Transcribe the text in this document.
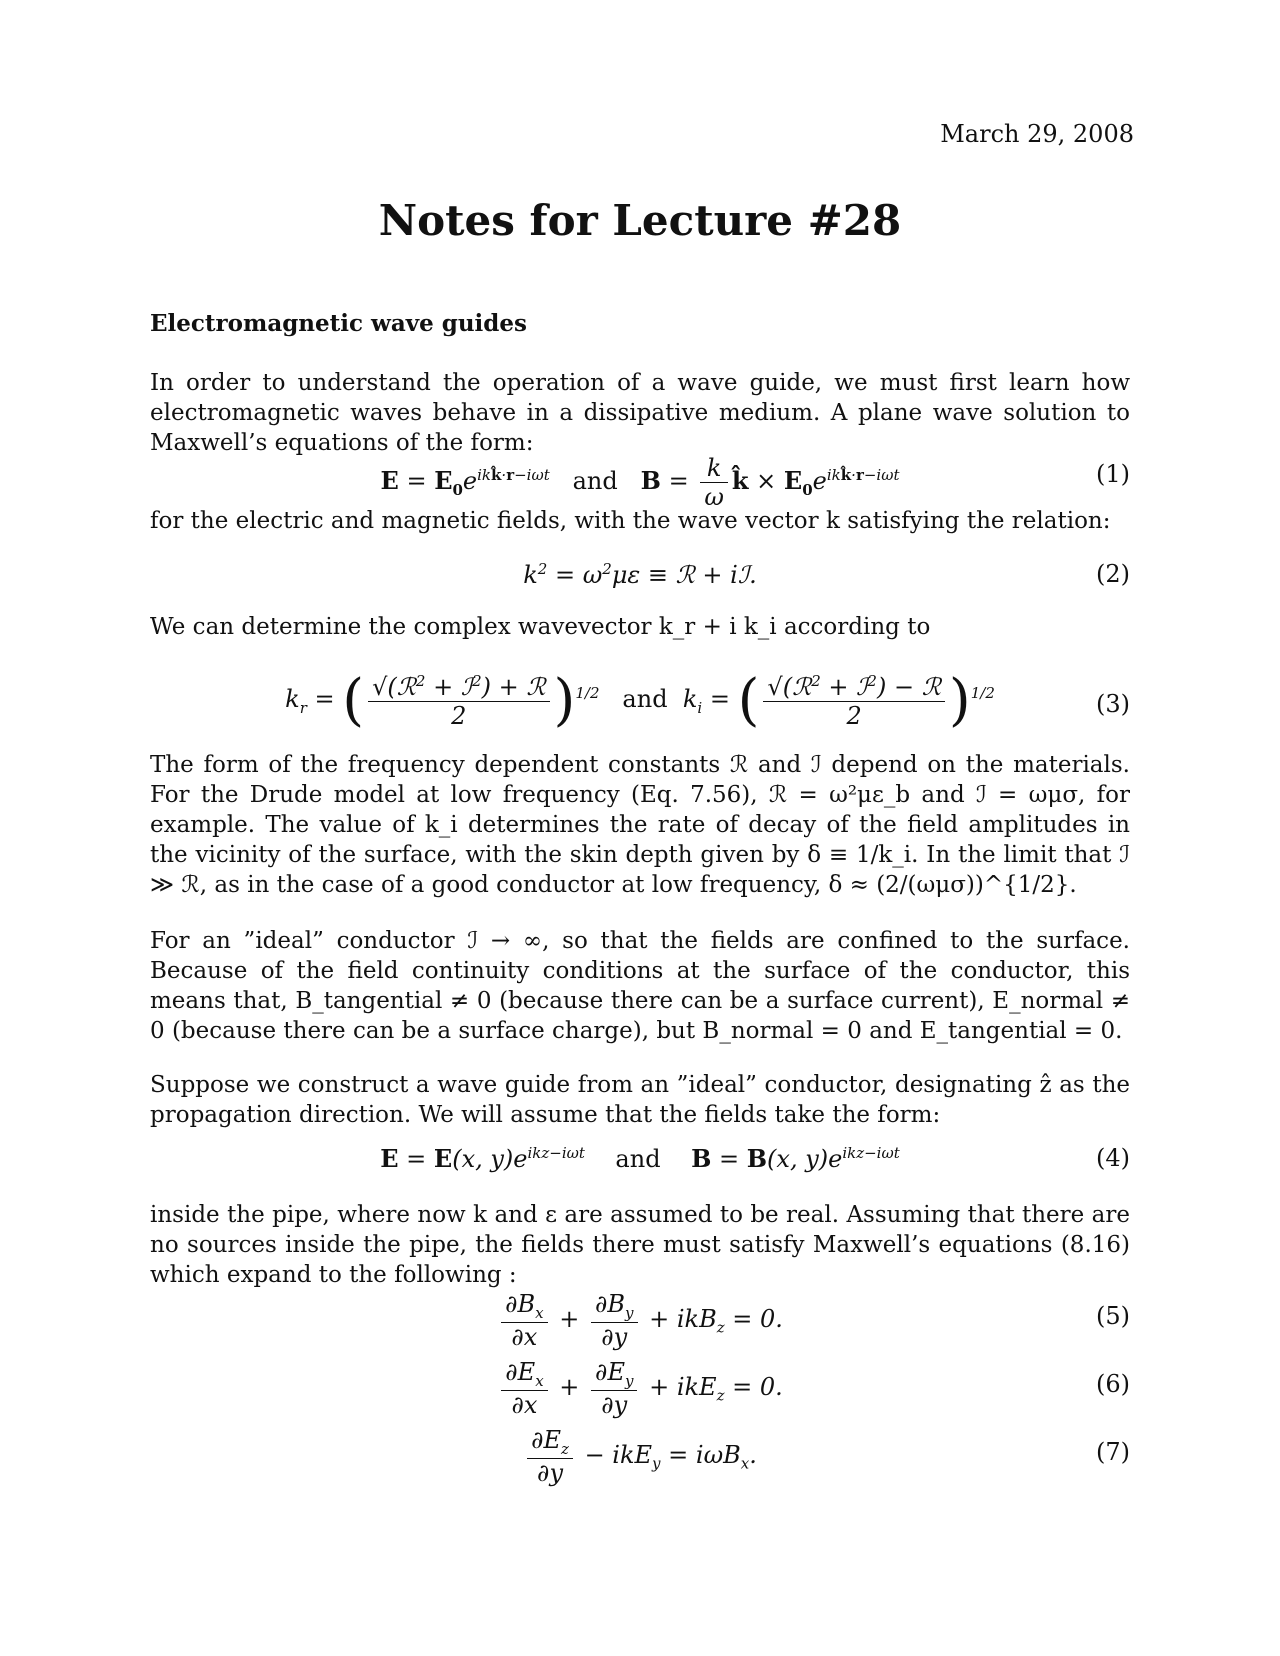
March 29, 2008
Notes for Lecture #28
Electromagnetic wave guides
In order to understand the operation of a wave guide, we must first learn how electromagnetic waves behave in a dissipative medium. A plane wave solution to Maxwell’s equations of the form:
$E = E_0e^{ikk̂\cdot r-i\omega t}$ and $B = \frac{k}{\omega}$ k̂ × $E_0e^{ikk̂\cdot r-i\omega t}$	(1)
for the electric and magnetic fields, with the wave vector k satisfying the relation:
$k^2 = \omega^2\mu\varepsilon$ ≡ ℛ + iℐ.	(2)
We can determine the complex wavevector k_r + i k_i according to
$k_r$ = ( $\frac{√(ℛ^2 + ℐ^2) + ℛ}{2} )^{1/2}$ and  $k_i$ = ( $\frac{√(ℛ^2 + ℐ^2) - ℛ}{2} )^{1/2}$	(3)
The form of the frequency dependent constants ℛ and ℐ depend on the materials. For the Drude model at low frequency (Eq. 7.56), ℛ = ω²με_b and ℐ = ωμσ, for example. The value of k_i determines the rate of decay of the field amplitudes in the vicinity of the surface, with the skin depth given by δ ≡ 1/k_i. In the limit that ℐ ≫ ℛ, as in the case of a good conductor at low frequency, δ ≈ (2/(ωμσ))^{1/2}.
For an ”ideal” conductor ℐ → ∞, so that the fields are confined to the surface. Because of the field continuity conditions at the surface of the conductor, this means that, B_tangential ≠ 0 (because there can be a surface current), E_normal ≠ 0 (because there can be a surface charge), but B_normal = 0 and E_tangential = 0.
Suppose we construct a wave guide from an ”ideal” conductor, designating ẑ as the propagation direction. We will assume that the fields take the form:
E = E(x, $y)e^{ikz-i\omega t}$ and B = B(x, $y)e^{ikz-i\omega t}$	(4)
inside the pipe, where now k and ε are assumed to be real. Assuming that there are no sources inside the pipe, the fields there must satisfy Maxwell’s equations (8.16) which expand to the following :
$\frac{\partial B_x}{\partial x} + \frac{\partial B_y}{\partial y} + ikB_z = 0$.	(5)
$\frac{\partial E_x}{\partial x} + \frac{\partial E_y}{\partial y} + ikE_z = 0$.	(6)
$\frac{\partial E_z}{\partial y} - ikE_y = i\omega B_x$.	(7)
